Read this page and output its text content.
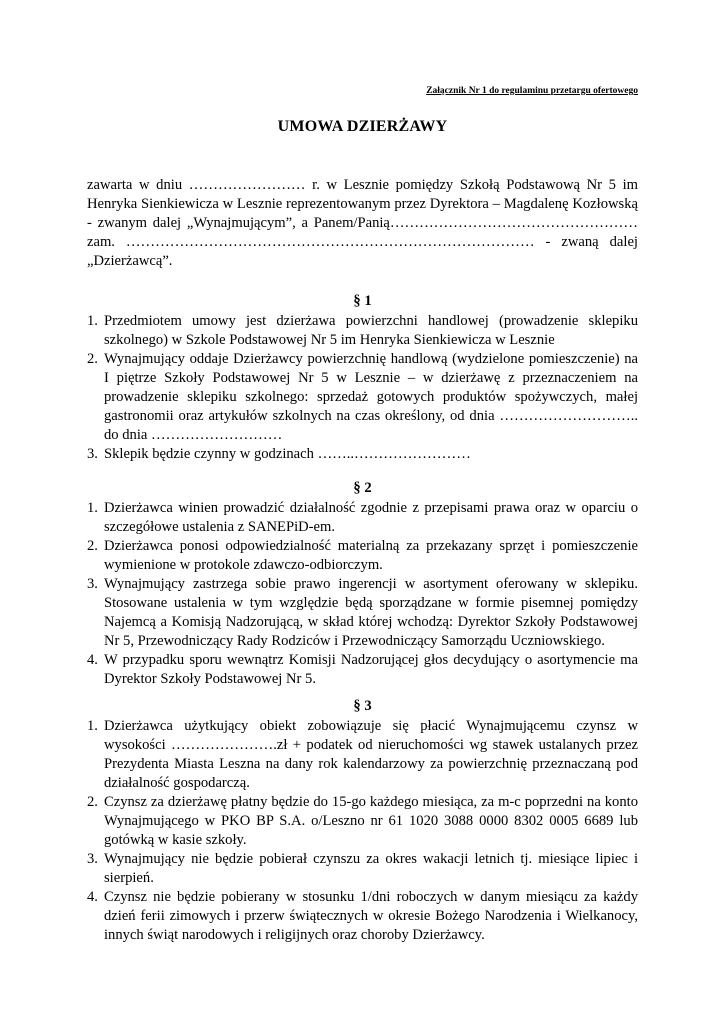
Załącznik Nr 1 do regulaminu przetargu ofertowego
UMOWA DZIERŻAWY
zawarta w dniu …………………… r. w Lesznie pomiędzy Szkołą Podstawową Nr 5 im Henryka Sienkiewicza w Lesznie reprezentowanym przez Dyrektora – Magdalenę Kozłowską - zwanym dalej „Wynajmującym”, a Panem/Panią…………………………………………… zam. ………………………………………………………………………… - zwaną dalej „Dzierżawcą”.
§ 1
1. Przedmiotem umowy jest dzierżawa powierzchni handlowej (prowadzenie sklepiku szkolnego) w Szkole Podstawowej Nr 5 im Henryka Sienkiewicza w Lesznie
2. Wynajmujący oddaje Dzierżawcy powierzchnię handlową (wydzielone pomieszczenie) na I piętrze Szkoły Podstawowej Nr 5 w Lesznie – w dzierżawę z przeznaczeniem na prowadzenie sklepiku szkolnego: sprzedaż gotowych produktów spożywczych, małej gastronomii oraz artykułów szkolnych na czas określony, od dnia ……………………….. do dnia ………………………
3. Sklepik będzie czynny w godzinach ……..……………………
§ 2
1. Dzierżawca winien prowadzić działalność zgodnie z przepisami prawa oraz w oparciu o szczegółowe ustalenia z SANEPiD-em.
2. Dzierżawca ponosi odpowiedzialność materialną za przekazany sprzęt i pomieszczenie wymienione w protokole zdawczo-odbiorczym.
3. Wynajmujący zastrzega sobie prawo ingerencji w asortyment oferowany w sklepiku. Stosowane ustalenia w tym względzie będą sporządzane w formie pisemnej pomiędzy Najemcą a Komisją Nadzorującą, w skład której wchodzą: Dyrektor Szkoły Podstawowej Nr 5, Przewodniczący Rady Rodziców i Przewodniczący Samorządu Uczniowskiego.
4. W przypadku sporu wewnątrz Komisji Nadzorującej głos decydujący o asortymencie ma Dyrektor Szkoły Podstawowej Nr 5.
§ 3
1. Dzierżawca użytkujący obiekt zobowiązuje się płacić Wynajmującemu czynsz w wysokości ………………….zł + podatek od nieruchomości wg stawek ustalanych przez Prezydenta Miasta Leszna na dany rok kalendarzowy za powierzchnię przeznaczaną pod działalność gospodarczą.
2. Czynsz za dzierżawę płatny będzie do 15-go każdego miesiąca, za m-c poprzedni na konto Wynajmującego w PKO BP S.A. o/Leszno nr 61 1020 3088 0000 8302 0005 6689 lub gotówką w kasie szkoły.
3. Wynajmujący nie będzie pobierał czynszu za okres wakacji letnich tj. miesiące lipiec i sierpień.
4. Czynsz nie będzie pobierany w stosunku 1/dni roboczych w danym miesiącu za każdy dzień ferii zimowych i przerw świątecznych w okresie Bożego Narodzenia i Wielkanocy, innych świąt narodowych i religijnych oraz choroby Dzierżawcy.
